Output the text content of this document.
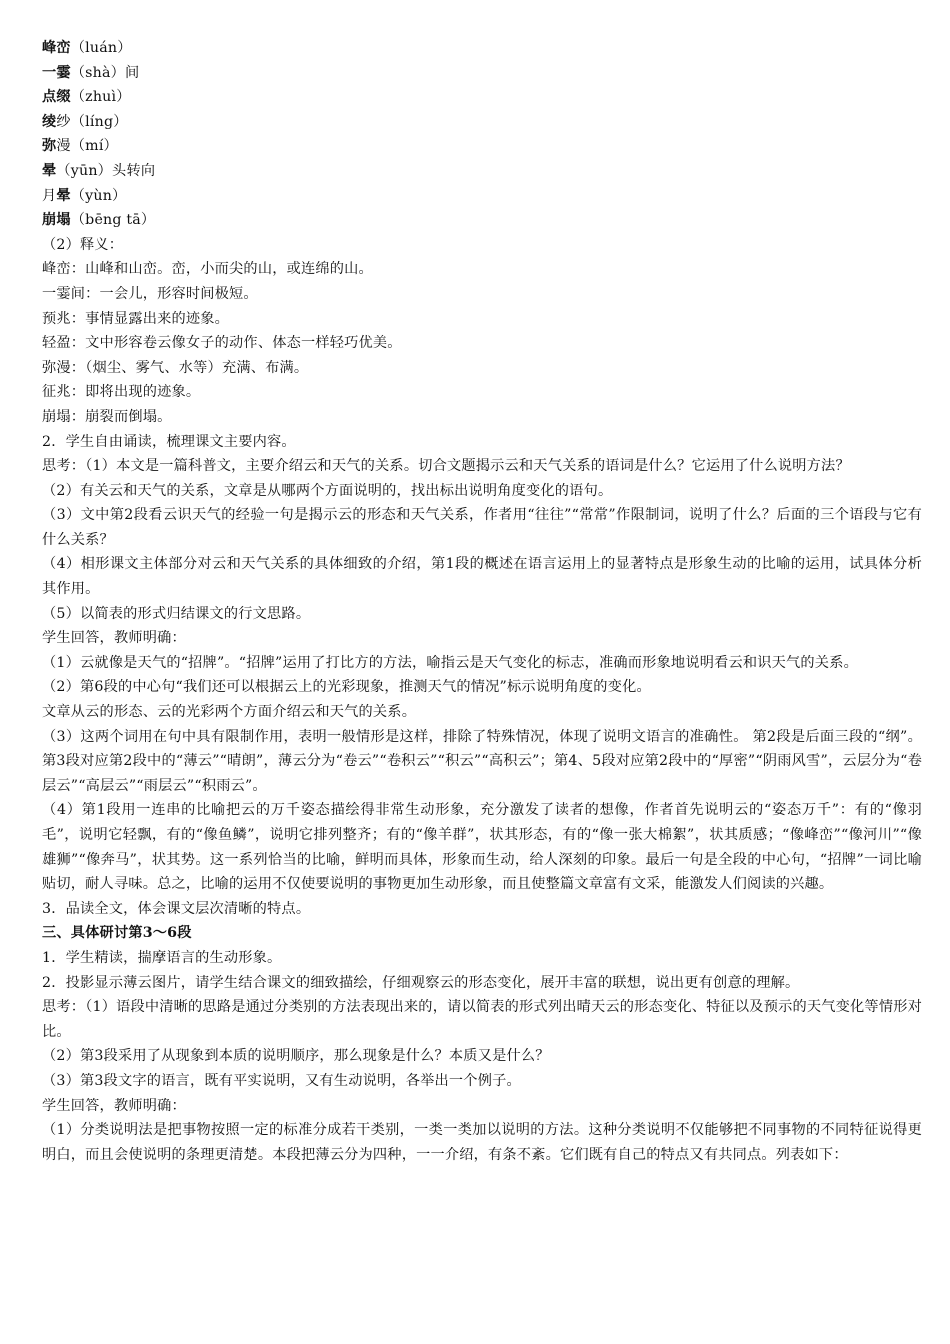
峰峦（luán）
一霎（shà）间
点缀（zhuì）
绫纱（líng）
弥漫（mí）
晕（yūn）头转向
月晕（yùn）
崩塌（bēng tā）
（2）释义：
峰峦：山峰和山峦。峦，小而尖的山，或连绵的山。
一霎间：一会儿，形容时间极短。
预兆：事情显露出来的迹象。
轻盈：文中形容卷云像女子的动作、体态一样轻巧优美。
弥漫：（烟尘、雾气、水等）充满、布满。
征兆：即将出现的迹象。
崩塌：崩裂而倒塌。
2．学生自由诵读，梳理课文主要内容。
思考：（1）本文是一篇科普文，主要介绍云和天气的关系。切合文题揭示云和天气关系的语词是什么？它运用了什么说明方法？
（2）有关云和天气的关系，文章是从哪两个方面说明的，找出标出说明角度变化的语句。
（3）文中第2段看云识天气的经验一句是揭示云的形态和天气关系，作者用“往往”“常常”作限制词，说明了什么？后面的三个语段与它有什么关系？
（4）相形课文主体部分对云和天气关系的具体细致的介绍，第1段的概述在语言运用上的显著特点是形象生动的比喻的运用，试具体分析其作用。
（5）以简表的形式归结课文的行文思路。
学生回答，教师明确：
（1）云就像是天气的“招牌”。“招牌”运用了打比方的方法，喻指云是天气变化的标志，准确而形象地说明看云和识天气的关系。
（2）第6段的中心句“我们还可以根据云上的光彩现象，推测天气的情况”标示说明角度的变化。
文章从云的形态、云的光彩两个方面介绍云和天气的关系。
（3）这两个词用在句中具有限制作用，表明一般情形是这样，排除了特殊情况，体现了说明文语言的准确性。 第2段是后面三段的“纲”。第3段对应第2段中的“薄云”“晴朗”，薄云分为“卷云”“卷积云”“积云”“高积云”；第4、5段对应第2段中的“厚密”“阴雨风雪”，云层分为“卷层云”“高层云”“雨层云”“积雨云”。
（4）第1段用一连串的比喻把云的万千姿态描绘得非常生动形象，充分激发了读者的想像，作者首先说明云的“姿态万千”：有的“像羽毛”，说明它轻飘，有的“像鱼鳞”，说明它排列整齐；有的“像羊群”，状其形态，有的“像一张大棉絮”，状其质感；“像峰峦”“像河川”“像雄狮”“像奔马”，状其势。这一系列恰当的比喻，鲜明而具体，形象而生动，给人深刻的印象。最后一句是全段的中心句，“招牌”一词比喻贴切，耐人寻味。总之，比喻的运用不仅使要说明的事物更加生动形象，而且使整篇文章富有文采，能激发人们阅读的兴趣。
3．品读全文，体会课文层次清晰的特点。
三、具体研讨第3～6段
1．学生精读，揣摩语言的生动形象。
2．投影显示薄云图片，请学生结合课文的细致描绘，仔细观察云的形态变化，展开丰富的联想，说出更有创意的理解。
思考：（1）语段中清晰的思路是通过分类别的方法表现出来的，请以简表的形式列出晴天云的形态变化、特征以及预示的天气变化等情形对比。
（2）第3段采用了从现象到本质的说明顺序，那么现象是什么？本质又是什么？
（3）第3段文字的语言，既有平实说明，又有生动说明，各举出一个例子。
学生回答，教师明确：
（1）分类说明法是把事物按照一定的标准分成若干类别，一类一类加以说明的方法。这种分类说明不仅能够把不同事物的不同特征说得更明白，而且会使说明的条理更清楚。本段把薄云分为四种，一一介绍，有条不紊。它们既有自己的特点又有共同点。列表如下：
